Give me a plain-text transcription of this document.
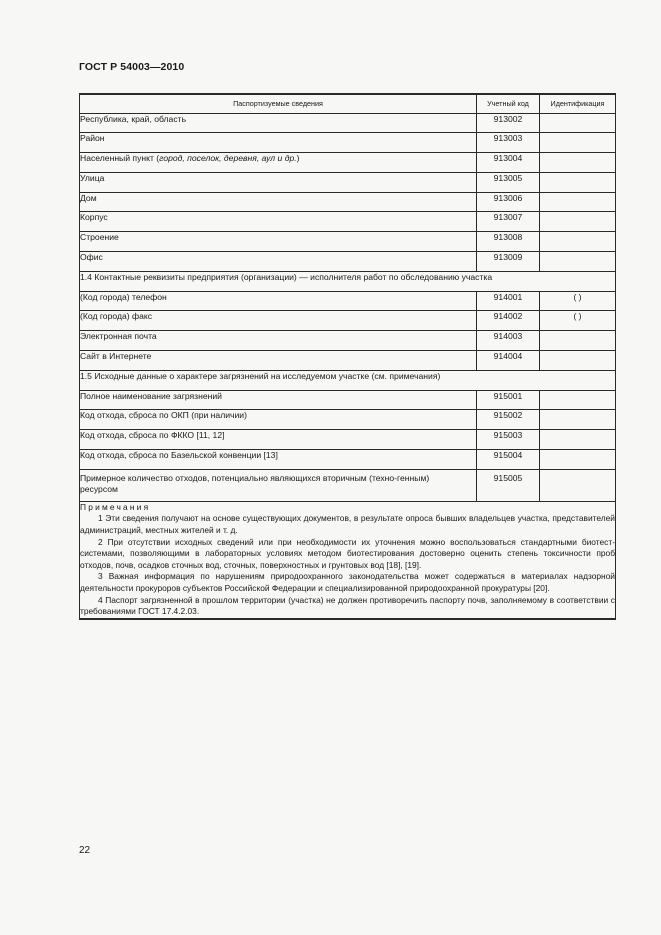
ГОСТ Р 54003—2010
Паспортизуемые сведения	Учетный код	Идентификация
Республика, край, область	913002	
Район	913003	
Населенный пункт (город, поселок, деревня, аул и др.)	913004	
Улица	913005	
Дом	913006	
Корпус	913007	
Строение	913008	
Офис	913009	
1.4 Контактные реквизиты предприятия (организации) — исполнителя работ по обследованию участка		
(Код города) телефон	914001	( )
(Код города) факс	914002	( )
Электронная почта	914003	
Сайт в Интернете	914004	
1.5 Исходные данные о характере загрязнений на исследуемом участке (см. примечания)		
Полное наименование загрязнений	915001	
Код отхода, сброса по ОКП (при наличии)	915002	
Код отхода, сброса по ФККО [11, 12]	915003	
Код отхода, сброса по Базельской конвенции [13]	915004	
Примерное количество отходов, потенциально являющихся вторичным (техно-генным) ресурсом	915005	

Примечания

1 Эти сведения получают на основе существующих документов, в результате опроса бывших владельцев участка, представителей администраций, местных жителей и т. д.

2 При отсутствии исходных сведений или при необходимости их уточнения можно воспользоваться стандартными биотест-системами, позволяющими в лабораторных условиях методом биотестирования достоверно оценить степень токсичности проб отходов, почв, осадков сточных вод, сточных, поверхностных и грунтовых вод [18], [19].

3 Важная информация по нарушениям природоохранного законодательства может содержаться в материалах надзорной деятельности прокуроров субъектов Российской Федерации и специализированной природоохранной прокуратуры [20].

4 Паспорт загрязненной в прошлом территории (участка) не должен противоречить паспорту почв, заполняемому в соответствии с требованиями ГОСТ 17.4.2.03.		

22
